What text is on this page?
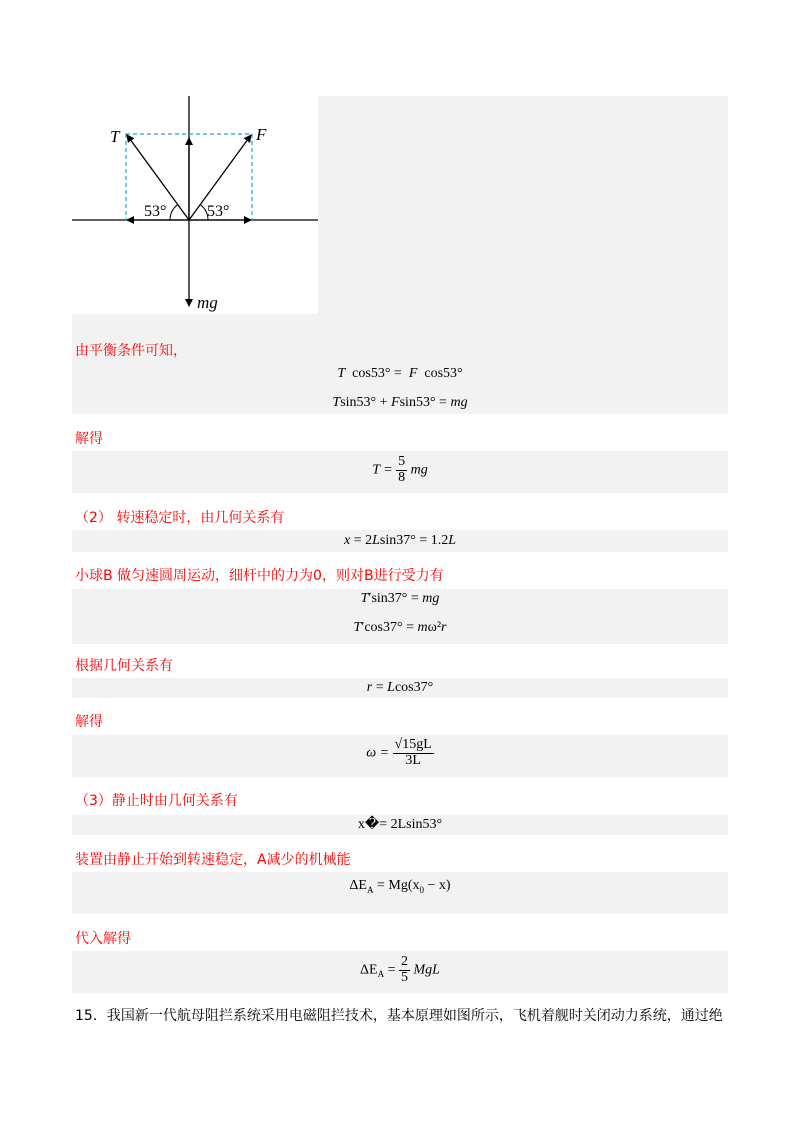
T	F
mg
53°	53°
由平衡条件可知，
T  cos53° =  F  cos53°
Tsin53° + Fsin53° = mg
解得
$T = \frac{5}{8}$ mg
（2） 转速稳定时，由几何关系有
x = 2Lsin37° = 1.2L
小球B 做匀速圆周运动，细杆中的力为0，则对B进行受力有
T′sin37° = mg
T′cos37° = mω²r
根据几何关系有
r = Lcos37°
解得
$\omega = \frac{√15gL}{3L}$
（3）静止时由几何关系有
x�= 2Lsin53°
装置由静止开始到转速稳定，A减少的机械能
$\Delta E_A = Mg(x_0 - x)$
代入解得
$\Delta E_A = \frac{2}{5}$ MgL
15．我国新一代航母阻拦系统采用电磁阻拦技术，基本原理如图所示，飞机着舰时关闭动力系统，通过绝
